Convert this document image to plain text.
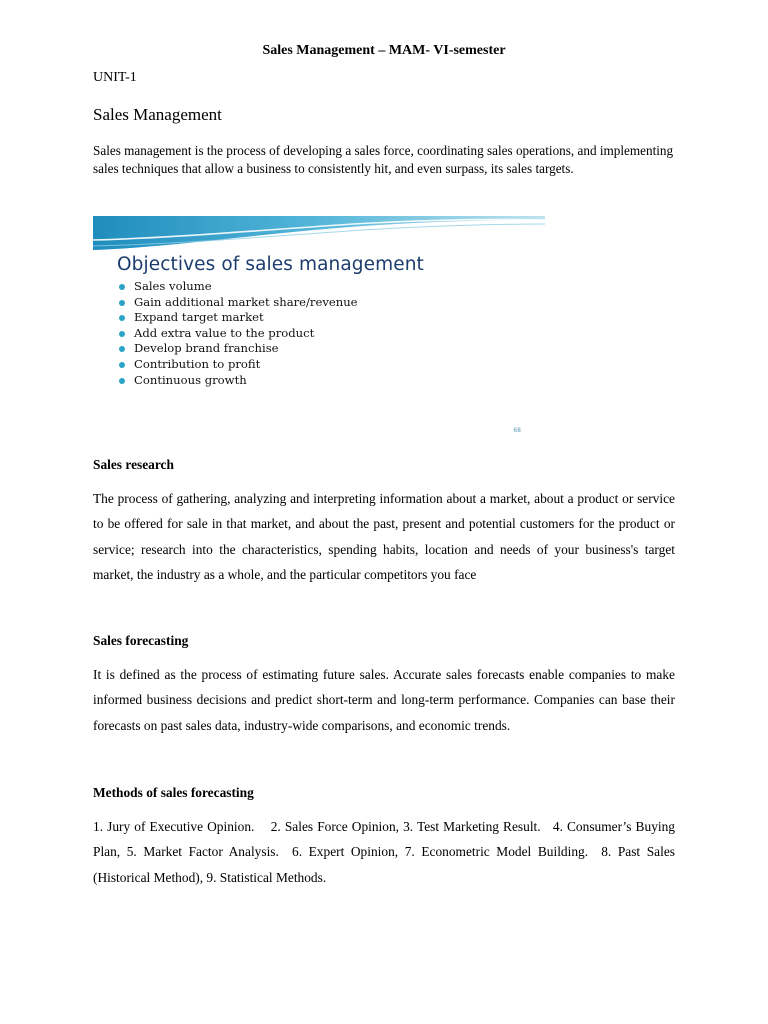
Sales Management – MAM- VI-semester
UNIT-1
Sales Management
Sales management is the process of developing a sales force, coordinating sales operations, and implementing sales techniques that allow a business to consistently hit, and even surpass, its sales targets.
Objectives of sales management
Sales volume
Gain additional market share/revenue
Expand target market
Add extra value to the product
Develop brand franchise
Contribution to profit
Continuous growth
68
Sales research
The process of gathering, analyzing and interpreting information about a market, about a product or service to be offered for sale in that market, and about the past, present and potential customers for the product or service; research into the characteristics, spending habits, location and needs of your business's target market, the industry as a whole, and the particular competitors you face
Sales forecasting
It is defined as the process of estimating future sales. Accurate sales forecasts enable companies to make informed business decisions and predict short-term and long-term performance. Companies can base their forecasts on past sales data, industry-wide comparisons, and economic trends.
Methods of sales forecasting
1. Jury of Executive Opinion.    2. Sales Force Opinion, 3. Test Marketing Result.   4. Consumer’s Buying Plan, 5. Market Factor Analysis.  6. Expert Opinion, 7. Econometric Model Building.  8. Past Sales (Historical Method), 9. Statistical Methods.
